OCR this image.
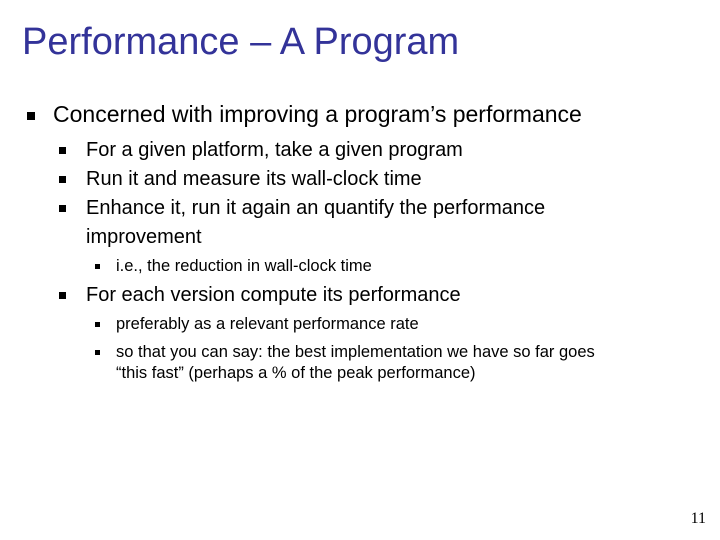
Performance – A Program
Concerned with improving a program’s performance
For a given platform, take a given program
Run it and measure its wall-clock time
Enhance it, run it again an quantify the performance
improvement
i.e., the reduction in wall-clock time
For each version compute its performance
preferably as a relevant performance rate
so that you can say: the best implementation we have so far goes
“this fast” (perhaps a % of the peak performance)
11
